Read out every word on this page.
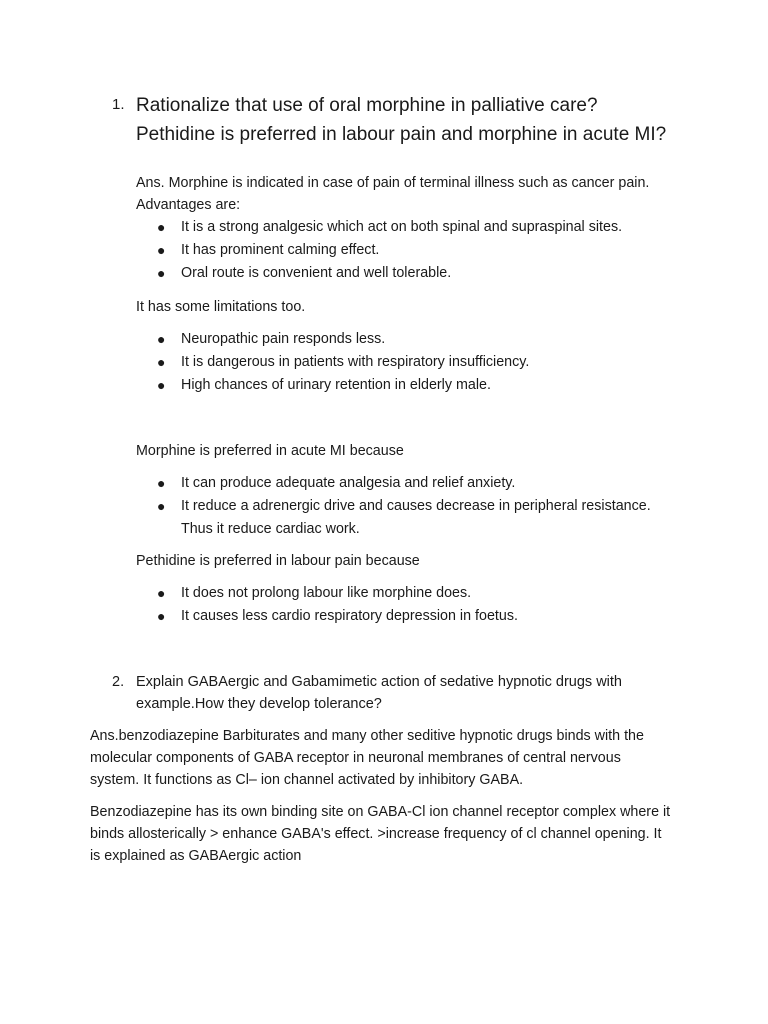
1. Rationalize that use of oral morphine in palliative care?
Pethidine is preferred in labour pain and morphine in acute MI?
Ans. Morphine is indicated in case of pain of terminal illness such as cancer pain.
Advantages are:
● It is a strong analgesic which act on both spinal and supraspinal sites.
● It has prominent calming effect.
● Oral route is convenient and well tolerable.
It has some limitations too.
● Neuropathic pain responds less.
● It is dangerous in patients with respiratory insufficiency.
● High chances of urinary retention in elderly male.
Morphine is preferred in acute MI because
● It can produce adequate analgesia and relief anxiety.
● It reduce a adrenergic drive and causes decrease in peripheral resistance.
Thus it reduce cardiac work.
Pethidine is preferred in labour pain because
● It does not prolong labour like morphine does.
● It causes less cardio respiratory depression in foetus.
2. Explain GABAergic and Gabamimetic action of sedative hypnotic drugs with
example.How they develop tolerance?
Ans.benzodiazepine Barbiturates and many other seditive hypnotic drugs binds with the
molecular components of GABA receptor in neuronal membranes of central nervous
system. It functions as Cl– ion channel activated by inhibitory GABA.
Benzodiazepine has its own binding site on GABA-Cl ion channel receptor complex where it
binds allosterically > enhance GABA's effect. >increase frequency of cl channel opening. It
is explained as GABAergic action
